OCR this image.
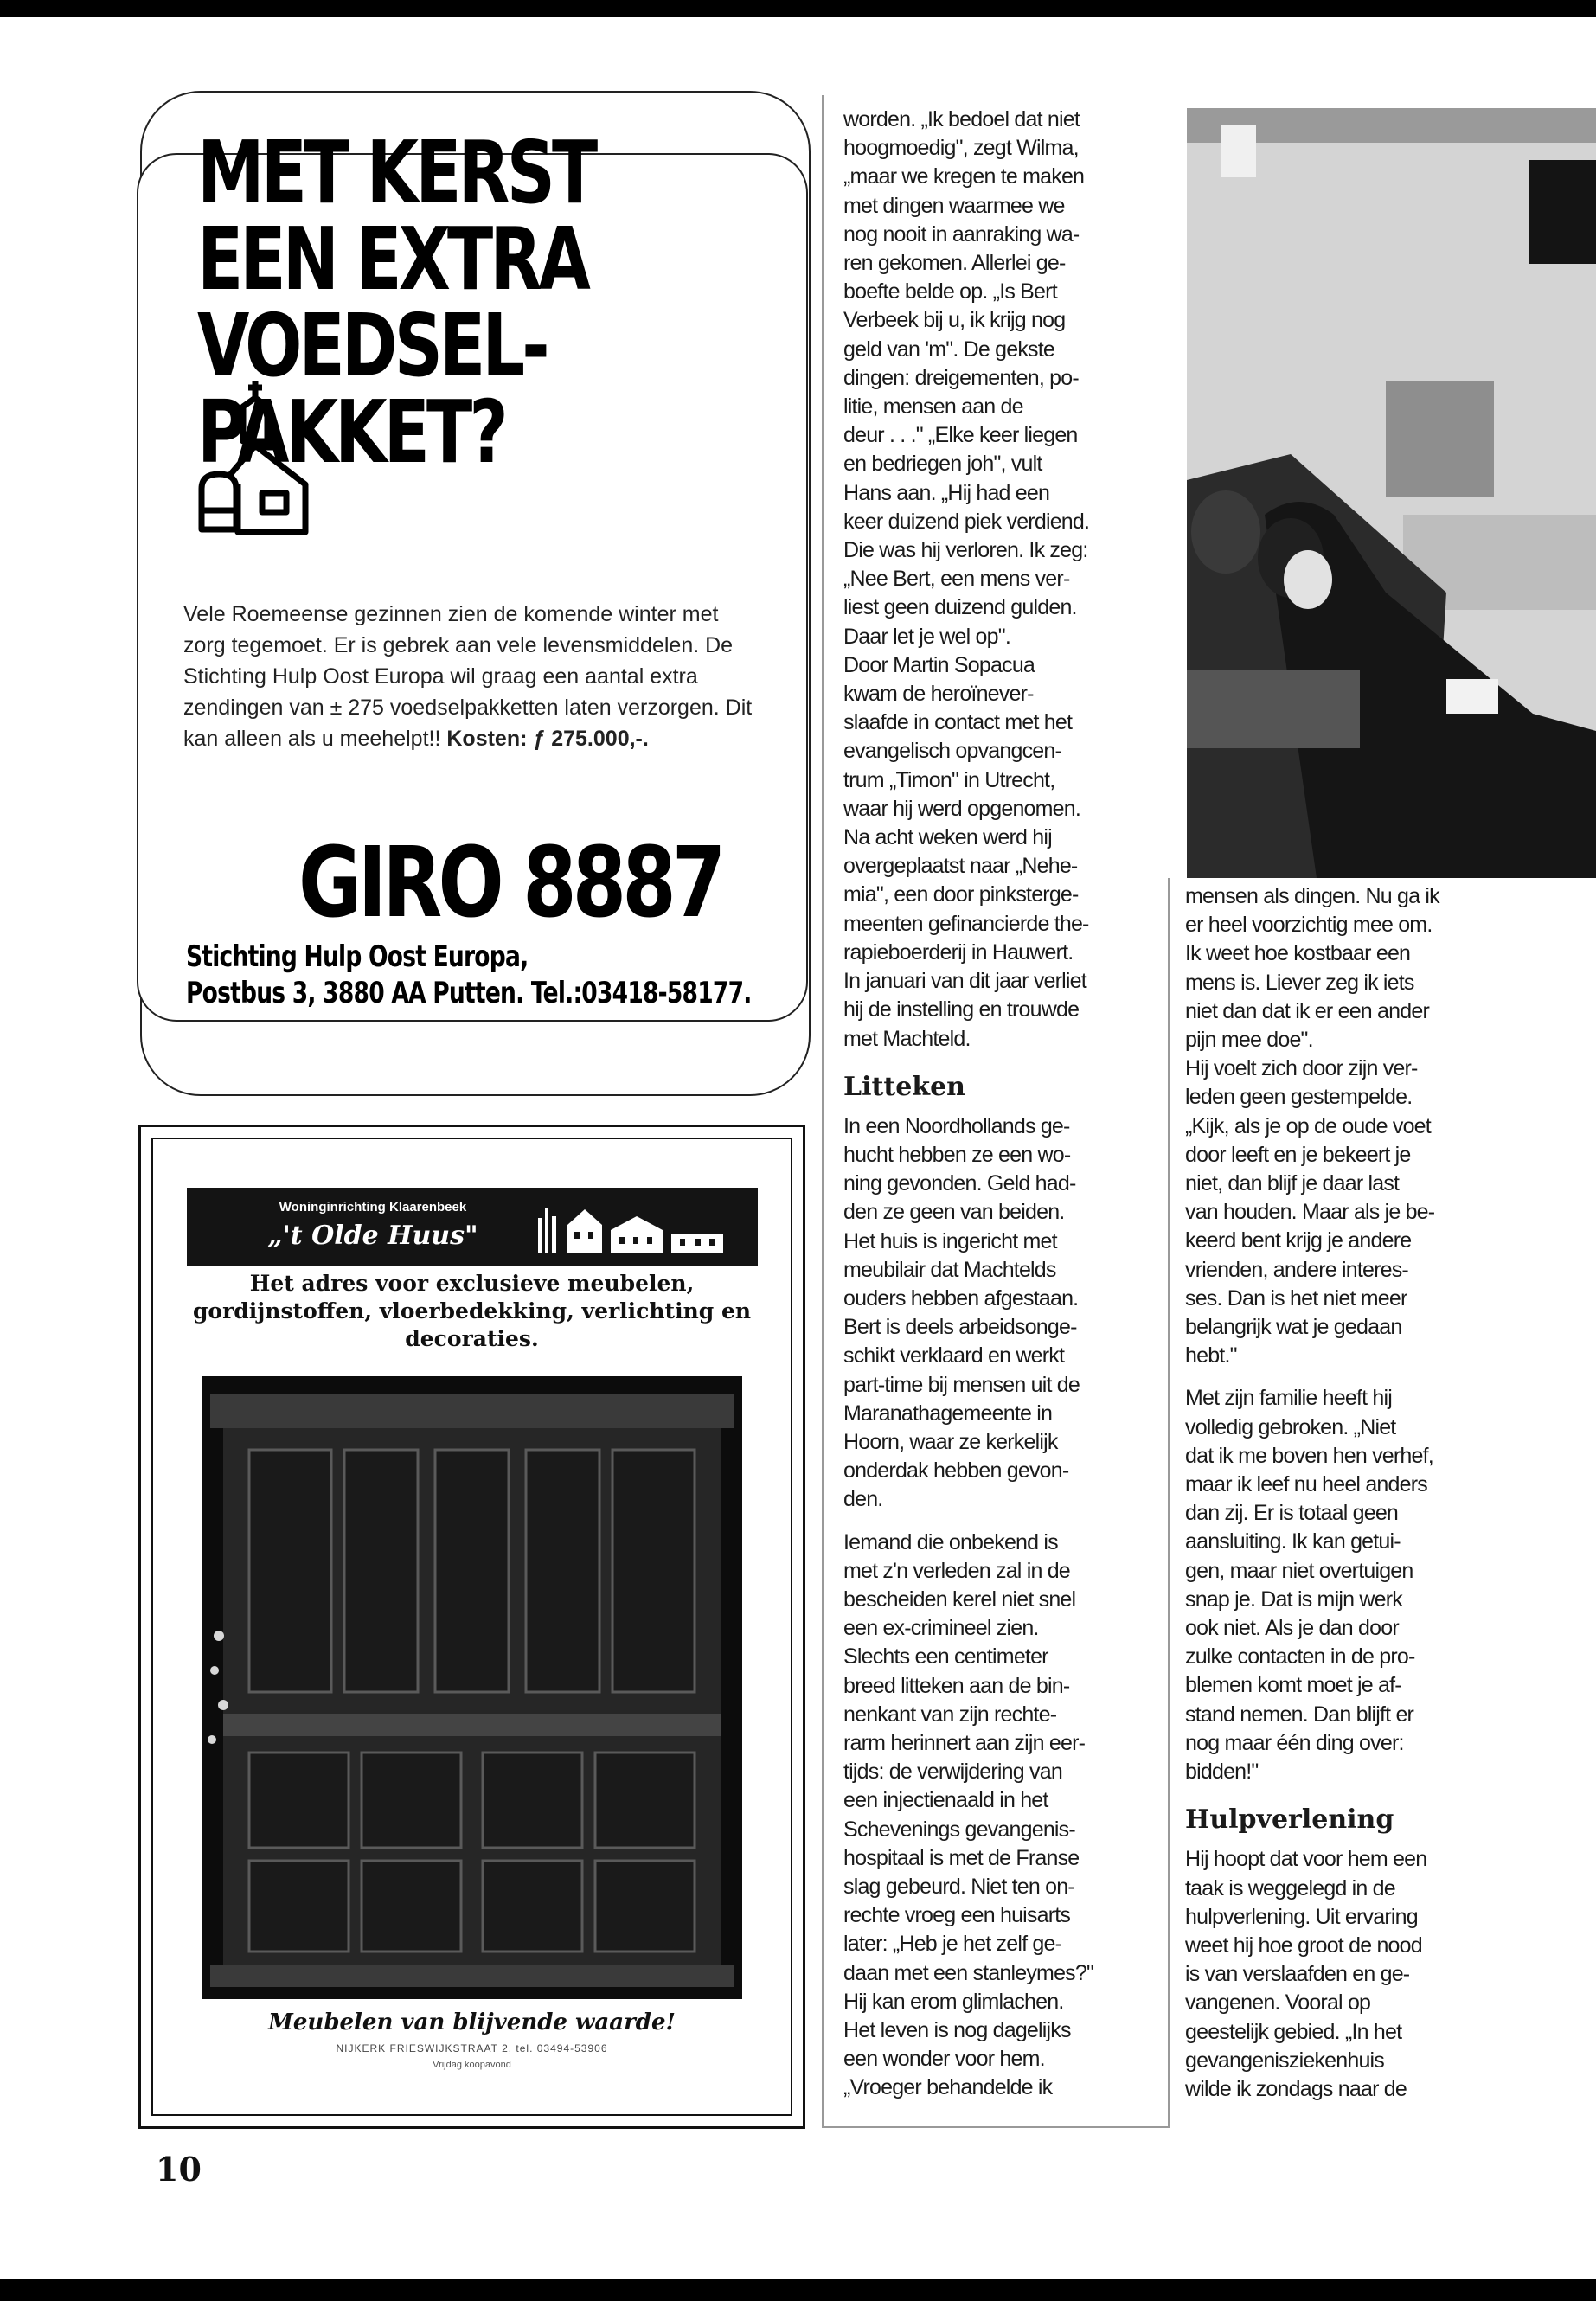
MET KERST
EEN EXTRA
VOEDSEL-
PAKKET?

Vele Roemeense gezinnen zien de komende winter met zorg tegemoet. Er is gebrek aan vele levensmiddelen. De Stichting Hulp Oost Europa wil graag een aantal extra zendingen van ± 275 voedselpakketten laten verzorgen. Dit kan alleen als u meehelpt!! Kosten: ƒ 275.000,-.

GIRO 8887

Stichting Hulp Oost Europa,
Postbus 3, 3880 AA Putten. Tel.:03418-58177.

Woninginrichting Klaarenbeek
„'t Olde Huus"

Het adres voor exclusieve meubelen, gordijnstoffen, vloerbedekking, verlichting en decoraties.

Meubelen van blijvende waarde!

NIJKERK FRIESWIJKSTRAAT 2, tel. 03494-53906

Vrijdag koopavond

10

worden. „Ik bedoel dat niet
hoogmoedig", zegt Wilma,
„maar we kregen te maken
met dingen waarmee we
nog nooit in aanraking wa-
ren gekomen. Allerlei ge-
boefte belde op. „Is Bert
Verbeek bij u, ik krijg nog
geld van 'm". De gekste
dingen: dreigementen, po-
litie, mensen aan de
deur . . ." „Elke keer liegen
en bedriegen joh", vult
Hans aan. „Hij had een
keer duizend piek verdiend.
Die was hij verloren. Ik zeg:
„Nee Bert, een mens ver-
liest geen duizend gulden.
Daar let je wel op".
Door Martin Sopacua
kwam de heroïnever-
slaafde in contact met het
evangelisch opvangcen-
trum „Timon" in Utrecht,
waar hij werd opgenomen.
Na acht weken werd hij
overgeplaatst naar „Nehe-
mia", een door pinksterge-
meenten gefinancierde the-
rapieboerderij in Hauwert.
In januari van dit jaar verliet
hij de instelling en trouwde
met Machteld.

Litteken

In een Noordhollands ge-
hucht hebben ze een wo-
ning gevonden. Geld had-
den ze geen van beiden.
Het huis is ingericht met
meubilair dat Machtelds
ouders hebben afgestaan.
Bert is deels arbeidsonge-
schikt verklaard en werkt
part-time bij mensen uit de
Maranathagemeente in
Hoorn, waar ze kerkelijk
onderdak hebben gevon-
den.

Iemand die onbekend is
met z'n verleden zal in de
bescheiden kerel niet snel
een ex-crimineel zien.
Slechts een centimeter
breed litteken aan de bin-
nenkant van zijn rechte-
rarm herinnert aan zijn eer-
tijds: de verwijdering van
een injectienaald in het
Schevenings gevangenis-
hospitaal is met de Franse
slag gebeurd. Niet ten on-
rechte vroeg een huisarts
later: „Heb je het zelf ge-
daan met een stanleymes?"
Hij kan erom glimlachen.
Het leven is nog dagelijks
een wonder voor hem.
„Vroeger behandelde ik

mensen als dingen. Nu ga ik
er heel voorzichtig mee om.
Ik weet hoe kostbaar een
mens is. Liever zeg ik iets
niet dan dat ik er een ander
pijn mee doe".
Hij voelt zich door zijn ver-
leden geen gestempelde.
„Kijk, als je op de oude voet
door leeft en je bekeert je
niet, dan blijf je daar last
van houden. Maar als je be-
keerd bent krijg je andere
vrienden, andere interes-
ses. Dan is het niet meer
belangrijk wat je gedaan
hebt."

Met zijn familie heeft hij
volledig gebroken. „Niet
dat ik me boven hen verhef,
maar ik leef nu heel anders
dan zij. Er is totaal geen
aansluiting. Ik kan getui-
gen, maar niet overtuigen
snap je. Dat is mijn werk
ook niet. Als je dan door
zulke contacten in de pro-
blemen komt moet je af-
stand nemen. Dan blijft er
nog maar één ding over:
bidden!"

Hulpverlening

Hij hoopt dat voor hem een
taak is weggelegd in de
hulpverlening. Uit ervaring
weet hij hoe groot de nood
is van verslaafden en ge-
vangenen. Vooral op
geestelijk gebied. „In het
gevangenisziekenhuis
wilde ik zondags naar de
